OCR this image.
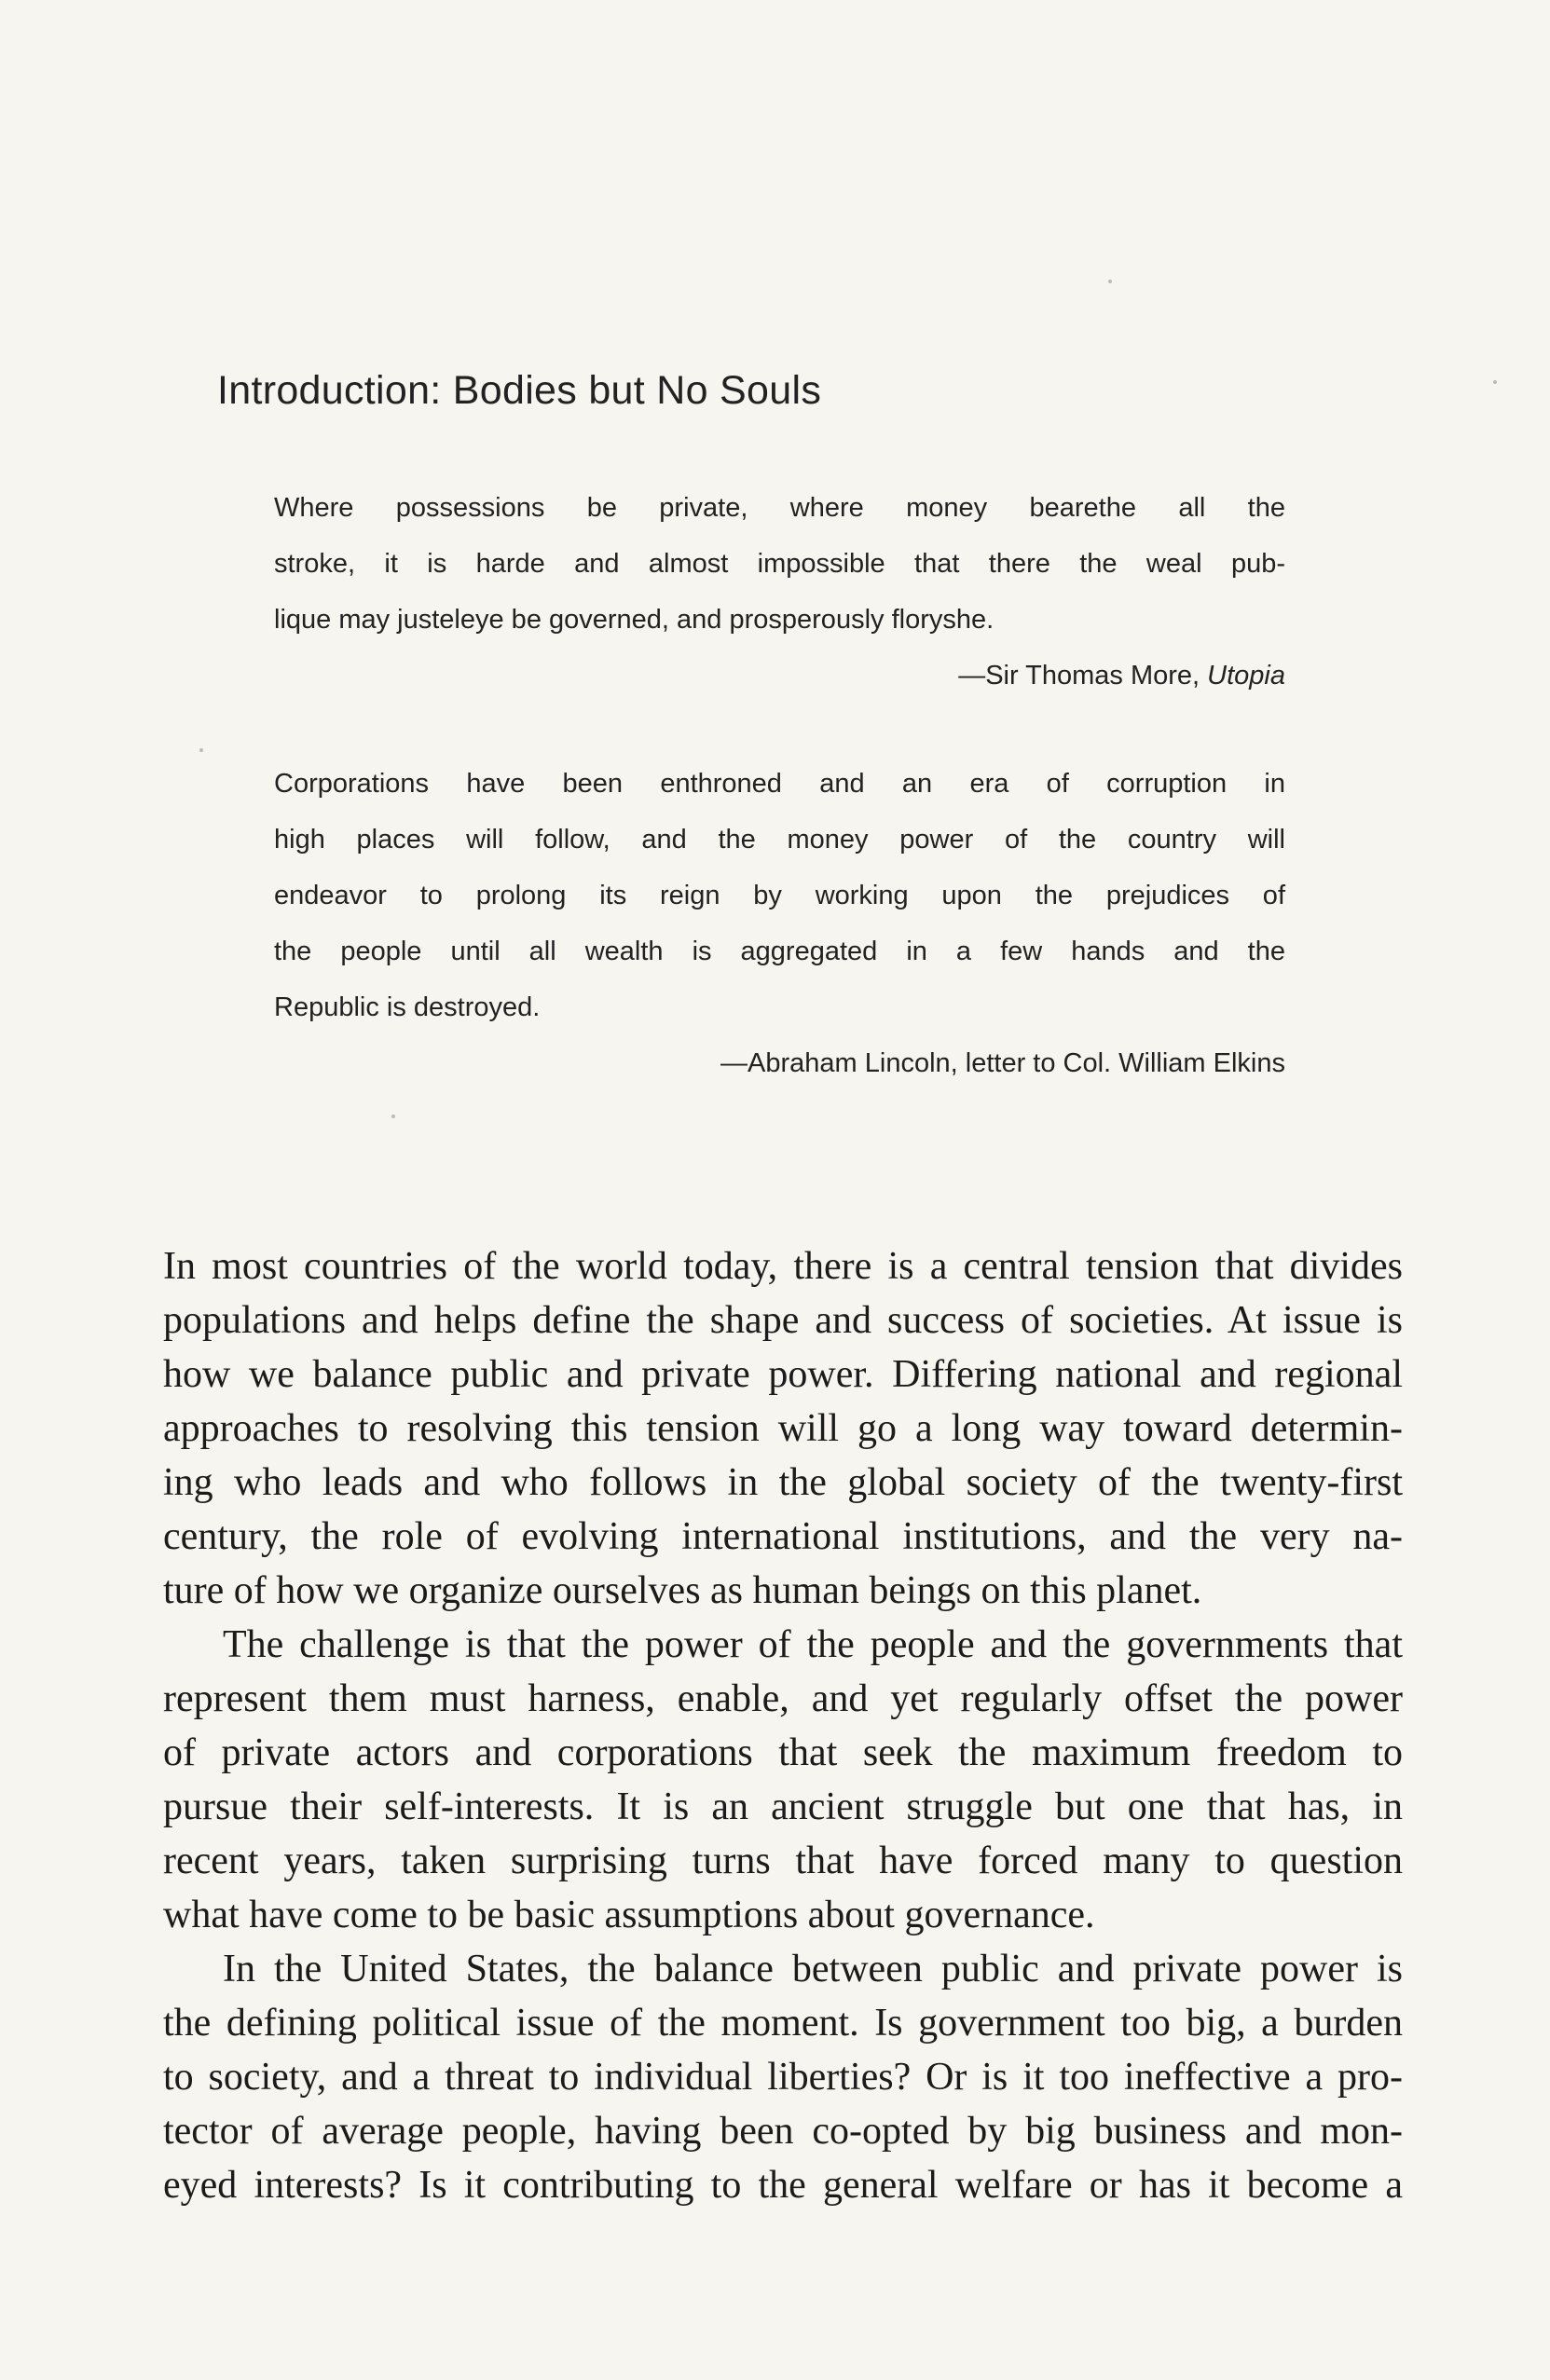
Introduction: Bodies but No Souls
Where possessions be private, where money bearethe all the
stroke, it is harde and almost impossible that there the weal pub-
lique may justeleye be governed, and prosperously floryshe.
—Sir Thomas More, Utopia
Corporations have been enthroned and an era of corruption in
high places will follow, and the money power of the country will
endeavor to prolong its reign by working upon the prejudices of
the people until all wealth is aggregated in a few hands and the
Republic is destroyed.
—Abraham Lincoln, letter to Col. William Elkins
In most countries of the world today, there is a central tension that divides
populations and helps define the shape and success of societies. At issue is
how we balance public and private power. Differing national and regional
approaches to resolving this tension will go a long way toward determin-
ing who leads and who follows in the global society of the twenty-first
century, the role of evolving international institutions, and the very na-
ture of how we organize ourselves as human beings on this planet.
The challenge is that the power of the people and the governments that
represent them must harness, enable, and yet regularly offset the power
of private actors and corporations that seek the maximum freedom to
pursue their self-interests. It is an ancient struggle but one that has, in
recent years, taken surprising turns that have forced many to question
what have come to be basic assumptions about governance.
In the United States, the balance between public and private power is
the defining political issue of the moment. Is government too big, a burden
to society, and a threat to individual liberties? Or is it too ineffective a pro-
tector of average people, having been co-opted by big business and mon-
eyed interests? Is it contributing to the general welfare or has it become a
